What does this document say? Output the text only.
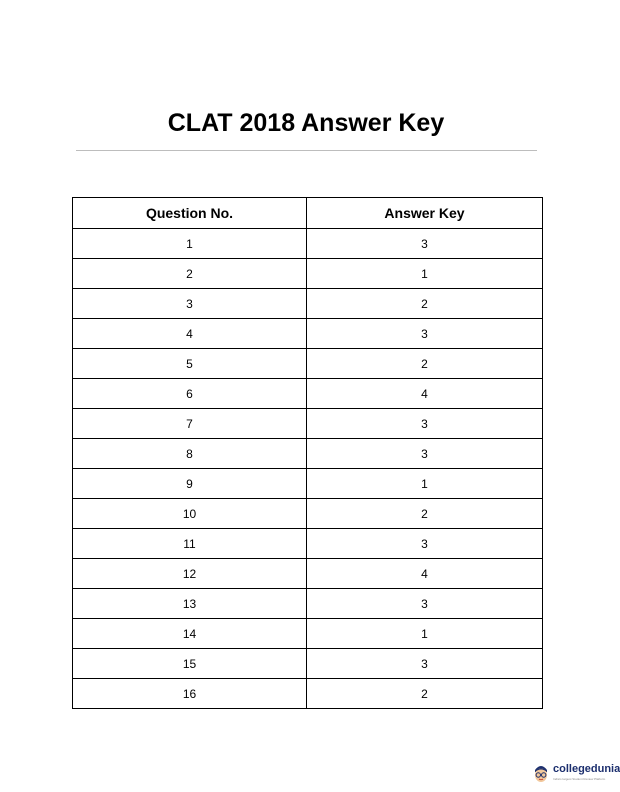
CLAT 2018 Answer Key
Question No.	Answer Key
1	3
2	1
3	2
4	3
5	2
6	4
7	3
8	3
9	1
10	2
11	3
12	4
13	3
14	1
15	3
16	2
collegedunia
India's largest Student Review Platform
